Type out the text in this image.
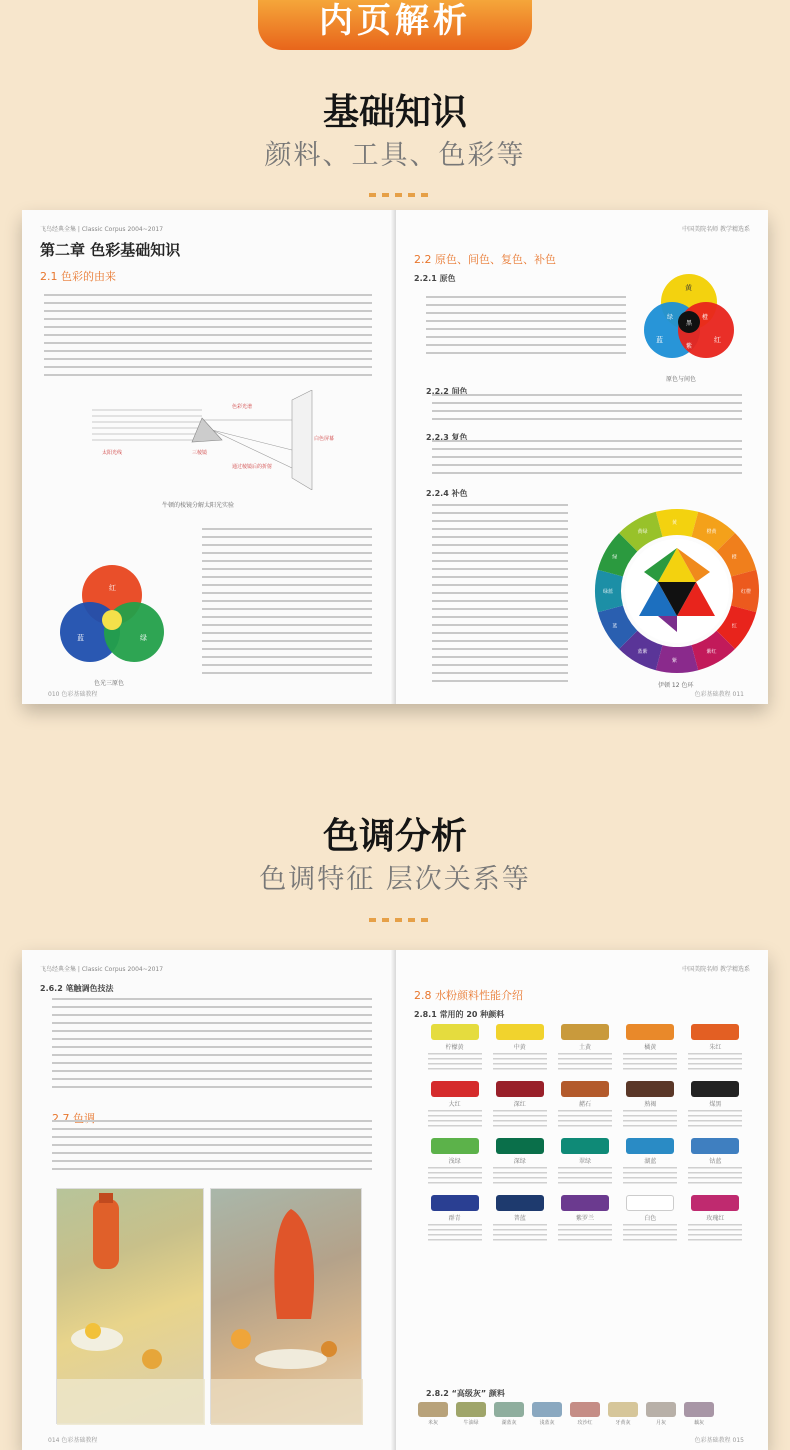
内页解析
基础知识
颜料、工具、色彩等
飞鸟经典全集 | Classic Corpus 2004~2017
第二章 色彩基础知识
2.1 色彩的由来
色彩光谱
白色屏幕
太阳光线	三棱镜
通过棱镜后的折射
牛顿的棱镜分解太阳光实验
红
蓝	绿
色光三原色
010 色彩基础教程
中国美院名师 教学精选系
2.2 原色、间色、复色、补色
2.2.1 原色
黄
红
蓝
绿	橙
紫
黑
原色与间色
2.2.2 间色
2.2.3 复色
2.2.4 补色
黄
橙黄
橙
红橙
红
紫红
紫
蓝紫
蓝
绿蓝
绿
黄绿
伊顿 12 色环
色彩基础教程 011
色调分析
色调特征 层次关系等
飞鸟经典全集 | Classic Corpus 2004~2017
2.6.2 笔触调色技法
2.7 色调
014 色彩基础教程
中国美院名师 教学精选系
2.8 水粉颜料性能介绍
2.8.1 常用的 20 种颜料
柠檬黄	中黄	土黄	橘黄	朱红
大红	深红	赭石	熟褐	煤黑
浅绿	深绿	翠绿	湖蓝	钴蓝
群青	普蓝	紫罗兰	白色	玫瑰红
2.8.2 “高级灰” 颜料
米灰	牛油绿	湖蓝灰	浅蓝灰	玫沙红	牙黄灰	月灰	藕灰
色彩基础教程 015
